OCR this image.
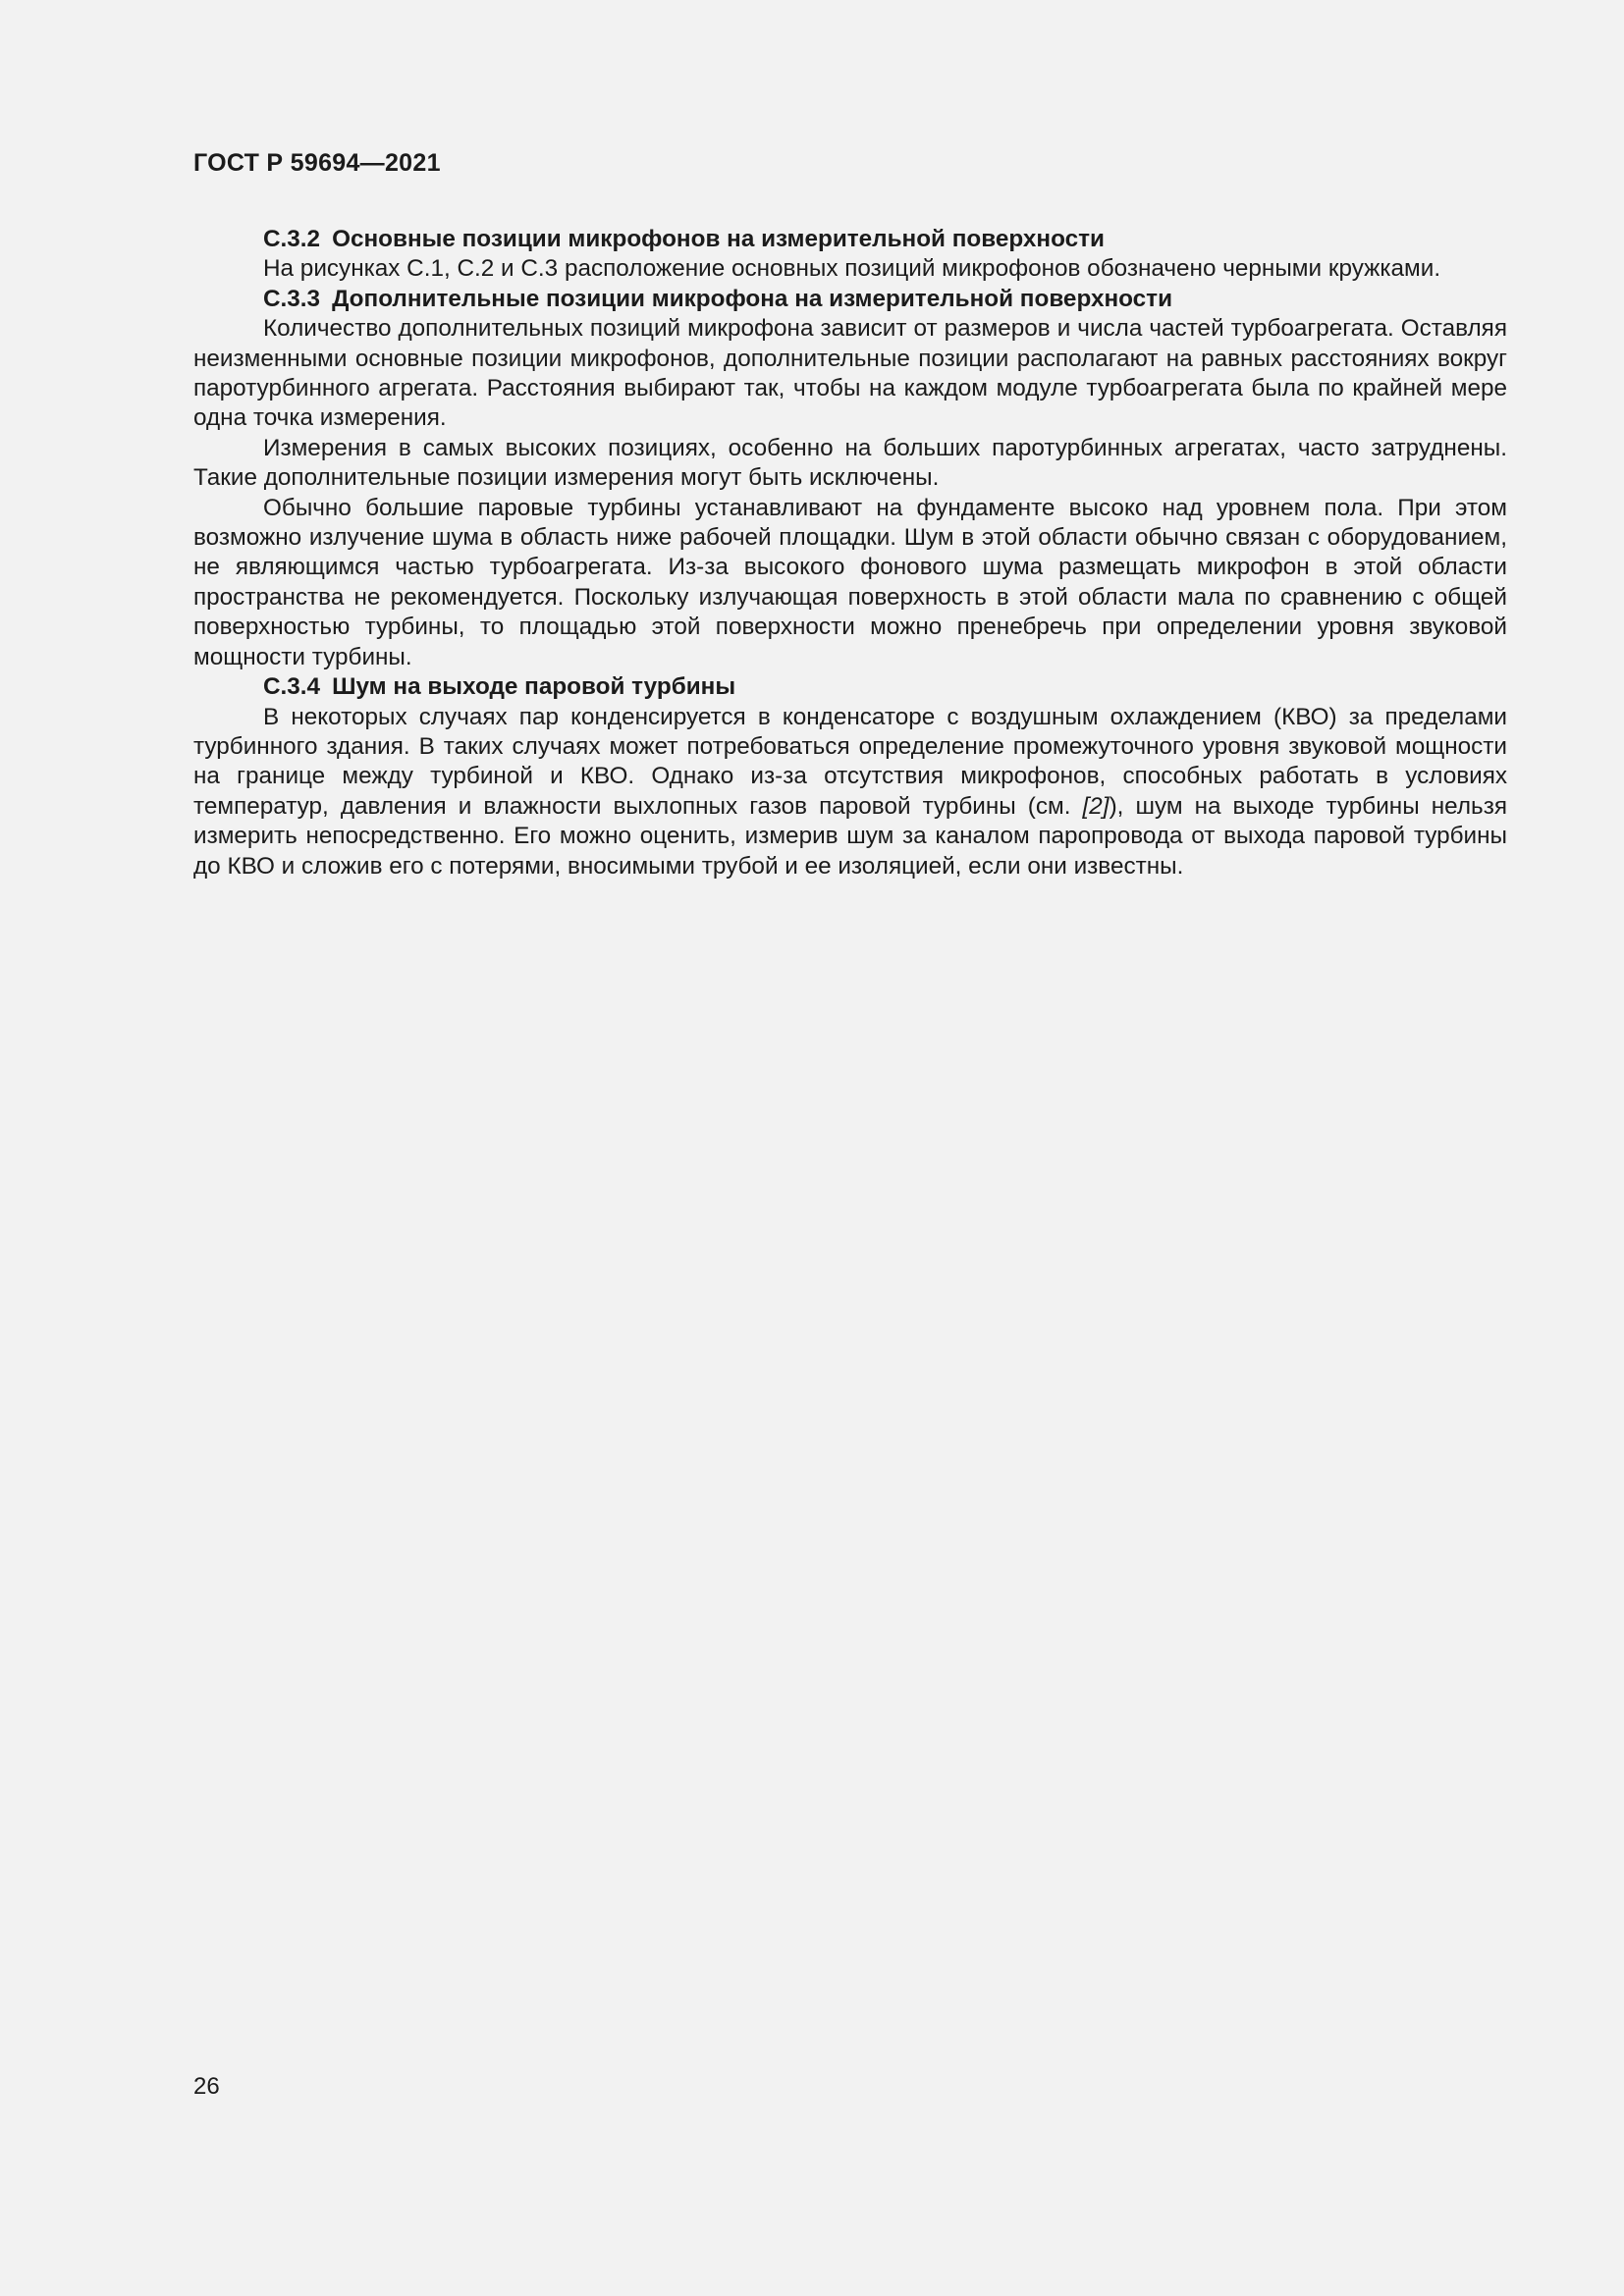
ГОСТ Р 59694—2021
C.3.2 Основные позиции микрофонов на измерительной поверхности

На рисунках С.1, С.2 и С.3 расположение основных позиций микрофонов обозначено черными кружками.

C.3.3 Дополнительные позиции микрофона на измерительной поверхности

Количество дополнительных позиций микрофона зависит от размеров и числа частей турбоагрегата. Оставляя неизменными основные позиции микрофонов, дополнительные позиции располагают на равных расстояниях вокруг паротурбинного агрегата. Расстояния выбирают так, чтобы на каждом модуле турбоагрегата была по крайней мере одна точка измерения.

Измерения в самых высоких позициях, особенно на больших паротурбинных агрегатах, часто затруднены. Такие дополнительные позиции измерения могут быть исключены.

Обычно большие паровые турбины устанавливают на фундаменте высоко над уровнем пола. При этом возможно излучение шума в область ниже рабочей площадки. Шум в этой области обычно связан с оборудованием, не являющимся частью турбоагрегата. Из-за высокого фонового шума размещать микрофон в этой области пространства не рекомендуется. Поскольку излучающая поверхность в этой области мала по сравнению с общей поверхностью турбины, то площадью этой поверхности можно пренебречь при определении уровня звуковой мощности турбины.

C.3.4 Шум на выходе паровой турбины

В некоторых случаях пар конденсируется в конденсаторе с воздушным охлаждением (КВО) за пределами турбинного здания. В таких случаях может потребоваться определение промежуточного уровня звуковой мощности на границе между турбиной и КВО. Однако из-за отсутствия микрофонов, способных работать в условиях температур, давления и влажности выхлопных газов паровой турбины (см. [2]), шум на выходе турбины нельзя измерить непосредственно. Его можно оценить, измерив шум за каналом паропровода от выхода паровой турбины до КВО и сложив его с потерями, вносимыми трубой и ее изоляцией, если они известны.

26
